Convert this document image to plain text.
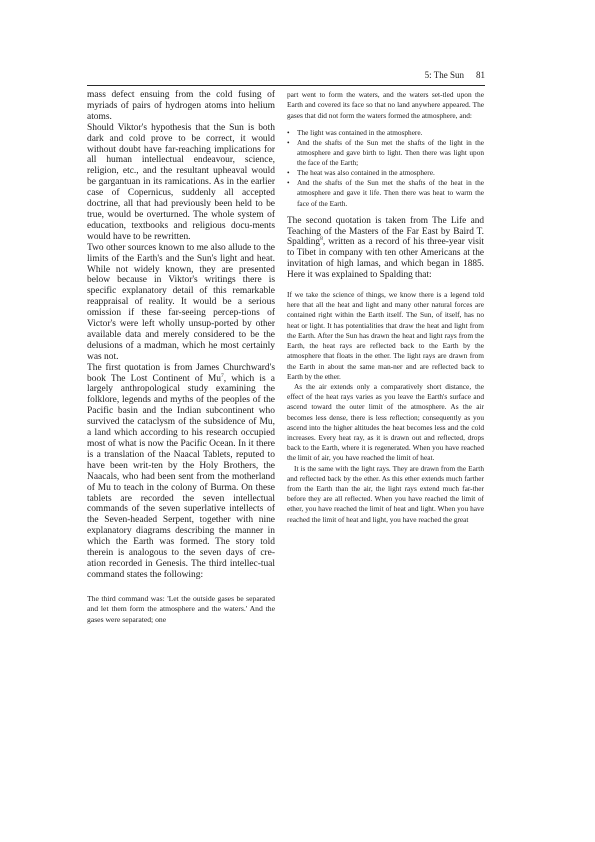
5: The Sun 81

mass defect ensuing from the cold fusing of myriads of pairs of hydrogen atoms into helium atoms.

Should Viktor's hypothesis that the Sun is both dark and cold prove to be correct, it would without doubt have far-reaching implications for all human intellectual endeavour, science, religion, etc., and the resultant upheaval would be gargantuan in its ramications. As in the earlier case of Copernicus, suddenly all accepted doctrine, all that had previously been held to be true, would be overturned. The whole system of education, textbooks and religious docu-ments would have to be rewritten.

Two other sources known to me also allude to the limits of the Earth's and the Sun's light and heat. While not widely known, they are presented below because in Viktor's writings there is specific explanatory detail of this remarkable reappraisal of reality. It would be a serious omission if these far-seeing percep-tions of Victor's were left wholly unsup-ported by other available data and merely considered to be the delusions of a madman, which he most certainly was not.

The first quotation is from James Churchward's book The Lost Continent of Mu$^7$, which is a largely anthropological study examining the folklore, legends and myths of the peoples of the Pacific basin and the Indian subcontinent who survived the cataclysm of the subsidence of Mu, a land which according to his research occupied most of what is now the Pacific Ocean. In it there is a translation of the Naacal Tablets, reputed to have been writ-ten by the Holy Brothers, the Naacals, who had been sent from the motherland of Mu to teach in the colony of Burma. On these tablets are recorded the seven intellectual commands of the seven superlative intellects of the Seven-headed Serpent, together with nine explanatory diagrams describing the manner in which the Earth was formed. The story told therein is analogous to the seven days of cre-ation recorded in Genesis. The third intellec-tual command states the following:

The third command was: 'Let the outside gases be separated and let them form the atmosphere and the waters.' And the gases were separated; one

part went to form the waters, and the waters set-tled upon the Earth and covered its face so that no land anywhere appeared. The gases that did not form the waters formed the atmosphere, and:

• The light was contained in the atmosphere.
• And the shafts of the Sun met the shafts of the light in the atmosphere and gave birth to light. Then there was light upon the face of the Earth;
• The heat was also contained in the atmosphere.
• And the shafts of the Sun met the shafts of the heat in the atmosphere and gave it life. Then there was heat to warm the face of the Earth.

The second quotation is taken from The Life and Teaching of the Masters of the Far East by Baird T. Spalding$^8$, written as a record of his three-year visit to Tibet in company with ten other Americans at the invitation of high lamas, and which began in 1885. Here it was explained to Spalding that:

If we take the science of things, we know there is a legend told here that all the heat and light and many other natural forces are contained right within the Earth itself. The Sun, of itself, has no heat or light. It has potentialities that draw the heat and light from the Earth. After the Sun has drawn the heat and light rays from the Earth, the heat rays are reflected back to the Earth by the atmosphere that floats in the ether. The light rays are drawn from the Earth in about the same man-ner and are reflected back to Earth by the ether.

As the air extends only a comparatively short distance, the effect of the heat rays varies as you leave the Earth's surface and ascend toward the outer limit of the atmosphere. As the air becomes less dense, there is less reflection; consequently as you ascend into the higher altitudes the heat becomes less and the cold increases. Every heat ray, as it is drawn out and reflected, drops back to the Earth, where it is regenerated. When you have reached the limit of air, you have reached the limit of heat.

It is the same with the light rays. They are drawn from the Earth and reflected back by the ether. As this ether extends much farther from the Earth than the air, the light rays extend much far-ther before they are all reflected. When you have reached the limit of ether, you have reached the limit of heat and light. When you have reached the limit of heat and light, you have reached the great
